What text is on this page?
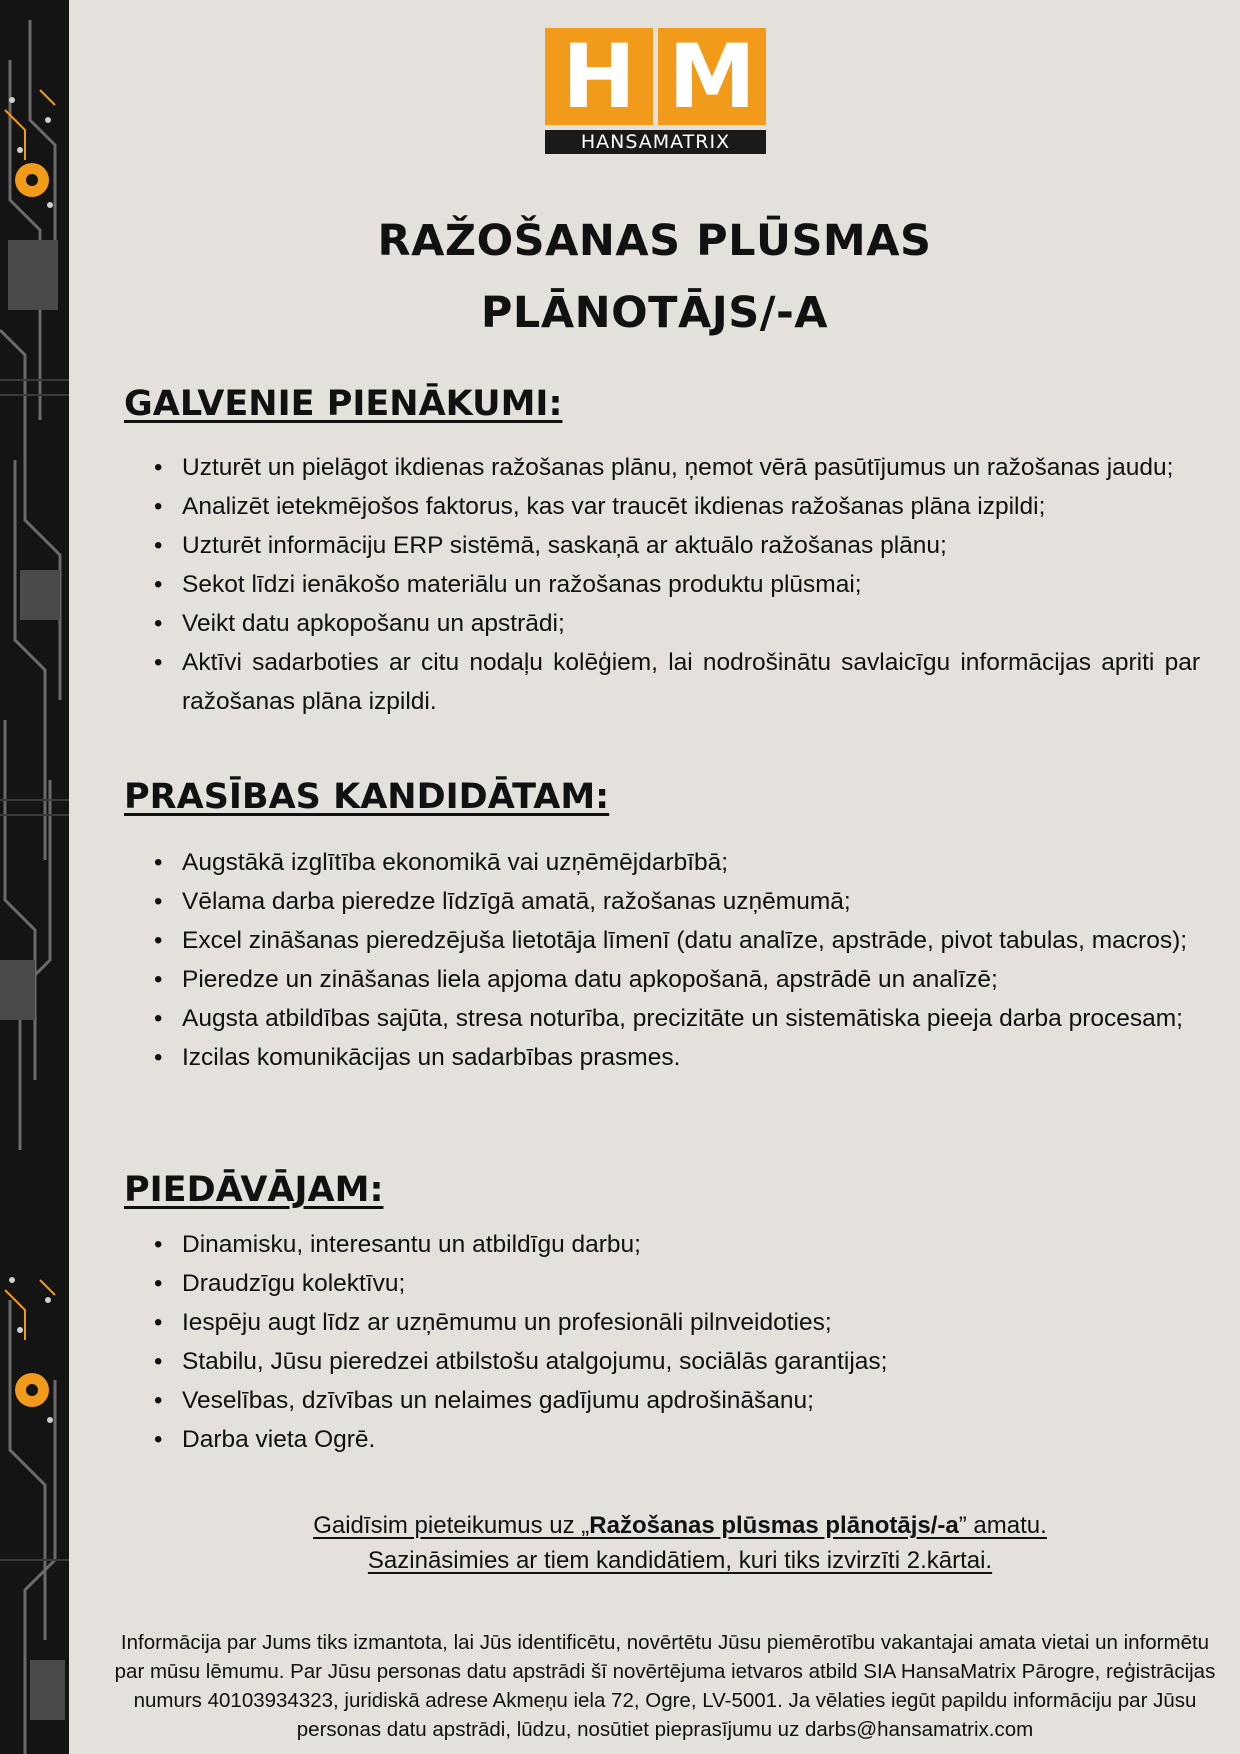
H M
HANSAMATRIX
RAŽOŠANAS PLŪSMAS
PLĀNOTĀJS/-A
GALVENIE PIENĀKUMI:
• Uzturēt un pielāgot ikdienas ražošanas plānu, ņemot vērā pasūtījumus un ražošanas jaudu;
• Analizēt ietekmējošos faktorus, kas var traucēt ikdienas ražošanas plāna izpildi;
• Uzturēt informāciju ERP sistēmā, saskaņā ar aktuālo ražošanas plānu;
• Sekot līdzi ienākošo materiālu un ražošanas produktu plūsmai;
• Veikt datu apkopošanu un apstrādi;
• Aktīvi sadarboties ar citu nodaļu kolēģiem, lai nodrošinātu savlaicīgu informācijas apriti par ražošanas plāna izpildi.
PRASĪBAS KANDIDĀTAM:
• Augstākā izglītība ekonomikā vai uzņēmējdarbībā;
• Vēlama darba pieredze līdzīgā amatā, ražošanas uzņēmumā;
• Excel zināšanas pieredzējuša lietotāja līmenī (datu analīze, apstrāde, pivot tabulas, macros);
• Pieredze un zināšanas liela apjoma datu apkopošanā, apstrādē un analīzē;
• Augsta atbildības sajūta, stresa noturība, precizitāte un sistemātiska pieeja darba procesam;
• Izcilas komunikācijas un sadarbības prasmes.
PIEDĀVĀJAM:
• Dinamisku, interesantu un atbildīgu darbu;
• Draudzīgu kolektīvu;
• Iespēju augt līdz ar uzņēmumu un profesionāli pilnveidoties;
• Stabilu, Jūsu pieredzei atbilstošu atalgojumu, sociālās garantijas;
• Veselības, dzīvības un nelaimes gadījumu apdrošināšanu;
• Darba vieta Ogrē.
Gaidīsim pieteikumus uz „Ražošanas plūsmas plānotājs/-a” amatu.
Sazināsimies ar tiem kandidātiem, kuri tiks izvirzīti 2.kārtai.
Informācija par Jums tiks izmantota, lai Jūs identificētu, novērtētu Jūsu piemērotību vakantajai amata vietai un informētu par mūsu lēmumu. Par Jūsu personas datu apstrādi šī novērtējuma ietvaros atbild SIA HansaMatrix Pārogre, reģistrācijas numurs 40103934323, juridiskā adrese Akmeņu iela 72, Ogre, LV-5001. Ja vēlaties iegūt papildu informāciju par Jūsu personas datu apstrādi, lūdzu, nosūtiet pieprasījumu uz darbs@hansamatrix.com
